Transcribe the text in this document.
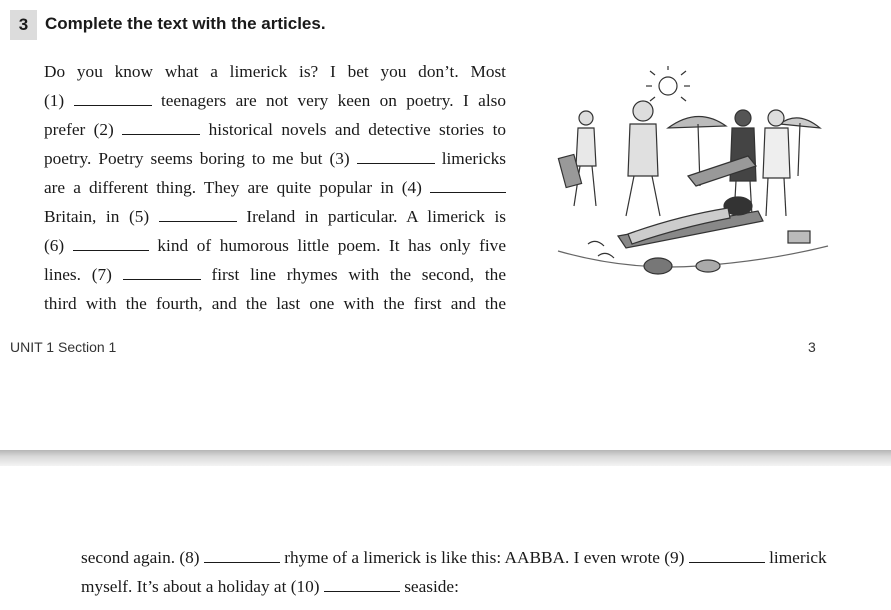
3 Complete the text with the articles.
Do you know what a limerick is? I bet you don’t. Most
(1)	teenagers are not very keen on poetry. I also
prefer (2)	historical novels and detective stories to
poetry. Poetry seems boring to me but (3)	limericks
are a different thing. They are quite popular in (4)
Britain, in (5)	Ireland in particular. A limerick is
(6)	kind of humorous little poem. It has only five
lines. (7)	first line rhymes with the second, the
third with the fourth, and the last one with the first and the
UNIT 1 Section 1	3
second again. (8)	rhyme of a limerick is like this: AABBA. I even wrote (9)	limerick
myself. It’s about a holiday at (10)	seaside:
